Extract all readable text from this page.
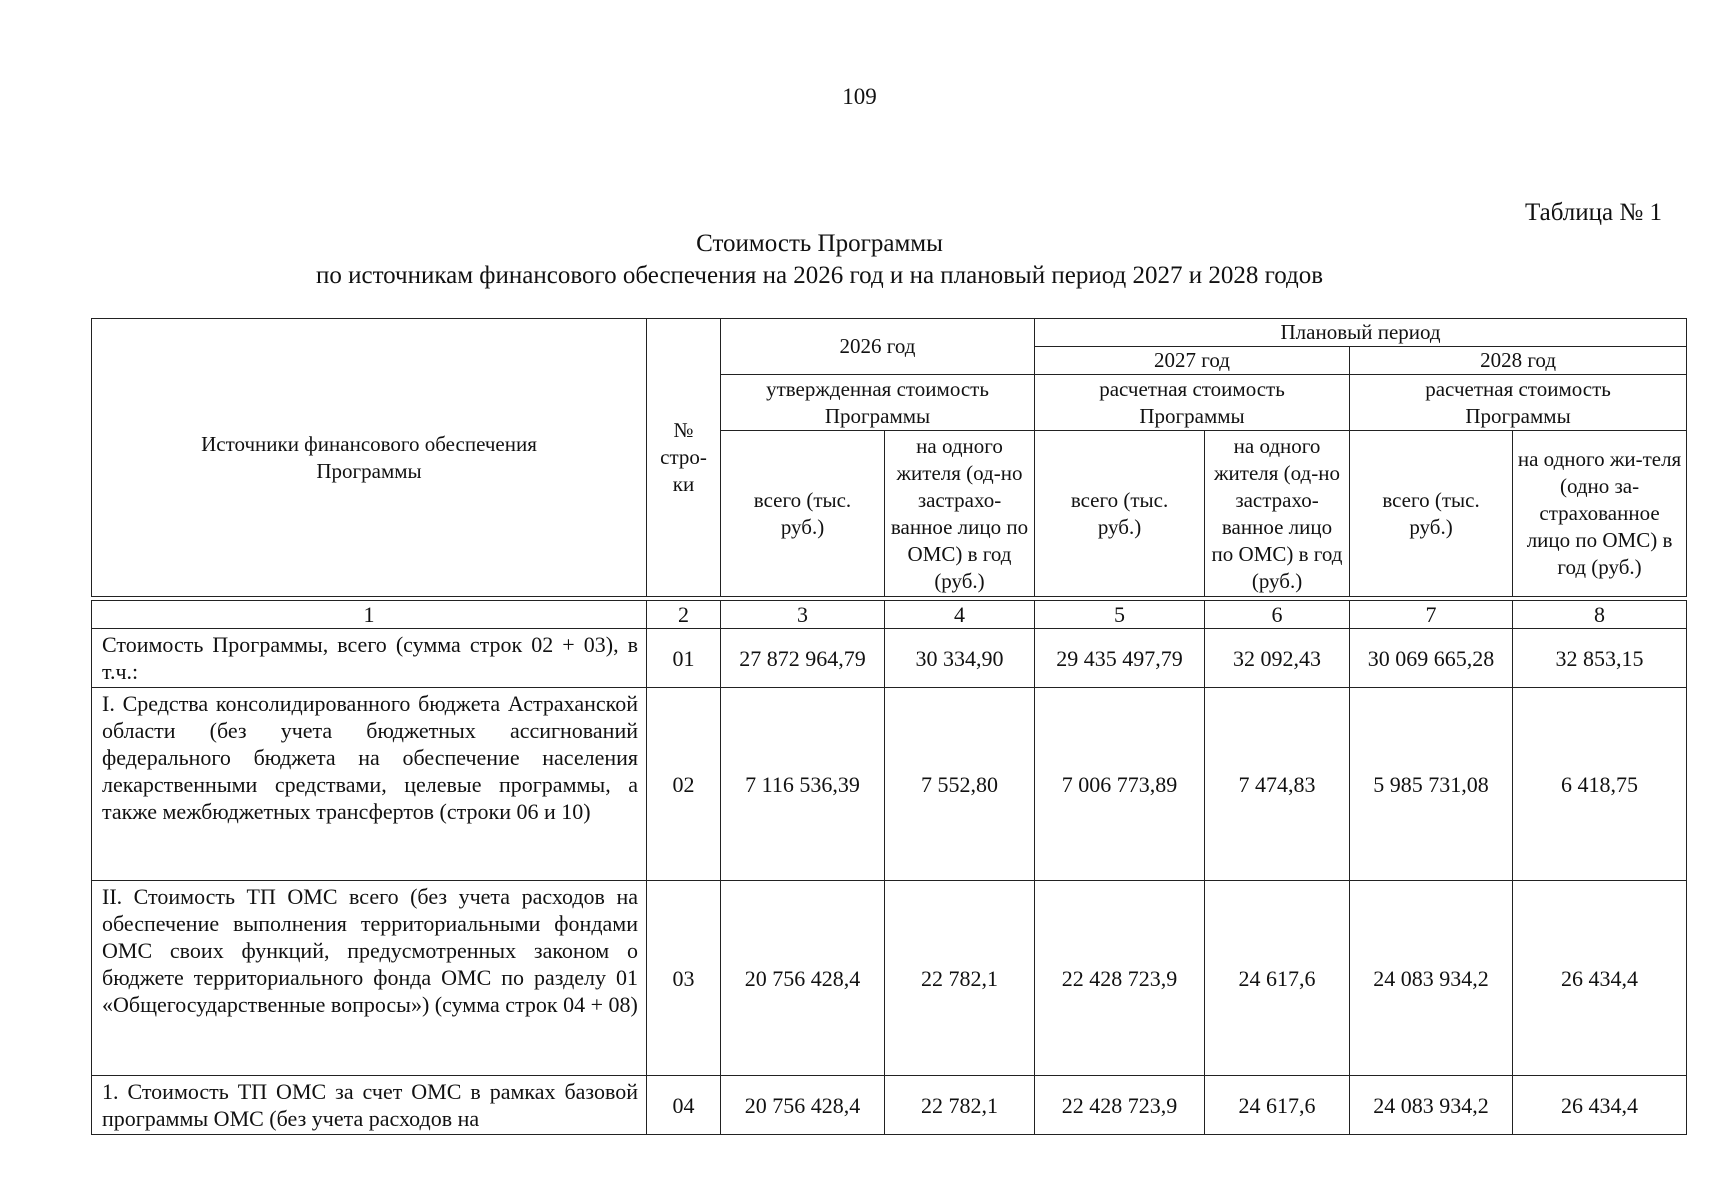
109
Таблица № 1
Стоимость Программы
по источникам финансового обеспечения на 2026 год и на плановый период 2027 и 2028 годов
Источники финансового обеспечения Программы	№ стро-ки	2026 год		Плановый период			
				2027 год		2028 год	

		утвержденная стоимость Программы		расчетная стоимость Программы		расчетная стоимость Программы	

		всего (тыс. руб.)	на одного жителя (од-но застрахо-ванное лицо по ОМС) в год (руб.)	всего (тыс. руб.)	на одного жителя (од-но застрахо-ванное лицо по ОМС) в год (руб.)	всего (тыс. руб.)	на одного жи-теля (одно за-страхованное лицо по ОМС) в год (руб.)
1	2	3	4	5	6	7	8
Стоимость Программы, всего (сумма строк 02 + 03), в т.ч.:	01	27 872 964,79	30 334,90	29 435 497,79	32 092,43	30 069 665,28	32 853,15
I. Средства консолидированного бюджета Астраханской области (без учета бюджетных ассигнований федерального бюджета на обеспечение населения лекарственными средствами, целевые программы, а также межбюджетных трансфертов (строки 06 и 10)	02	7 116 536,39	7 552,80	7 006 773,89	7 474,83	5 985 731,08	6 418,75
II. Стоимость ТП ОМС всего (без учета расходов на обеспечение выполнения территориальными фондами ОМС своих функций, предусмотренных законом о бюджете территориального фонда ОМС по разделу 01 «Общегосударственные вопросы») (сумма строк 04 + 08)	03	20 756 428,4	22 782,1	22 428 723,9	24 617,6	24 083 934,2	26 434,4
1. Стоимость ТП ОМС за счет ОМС в рамках базовой программы ОМС (без учета расходов на	04	20 756 428,4	22 782,1	22 428 723,9	24 617,6	24 083 934,2	26 434,4
